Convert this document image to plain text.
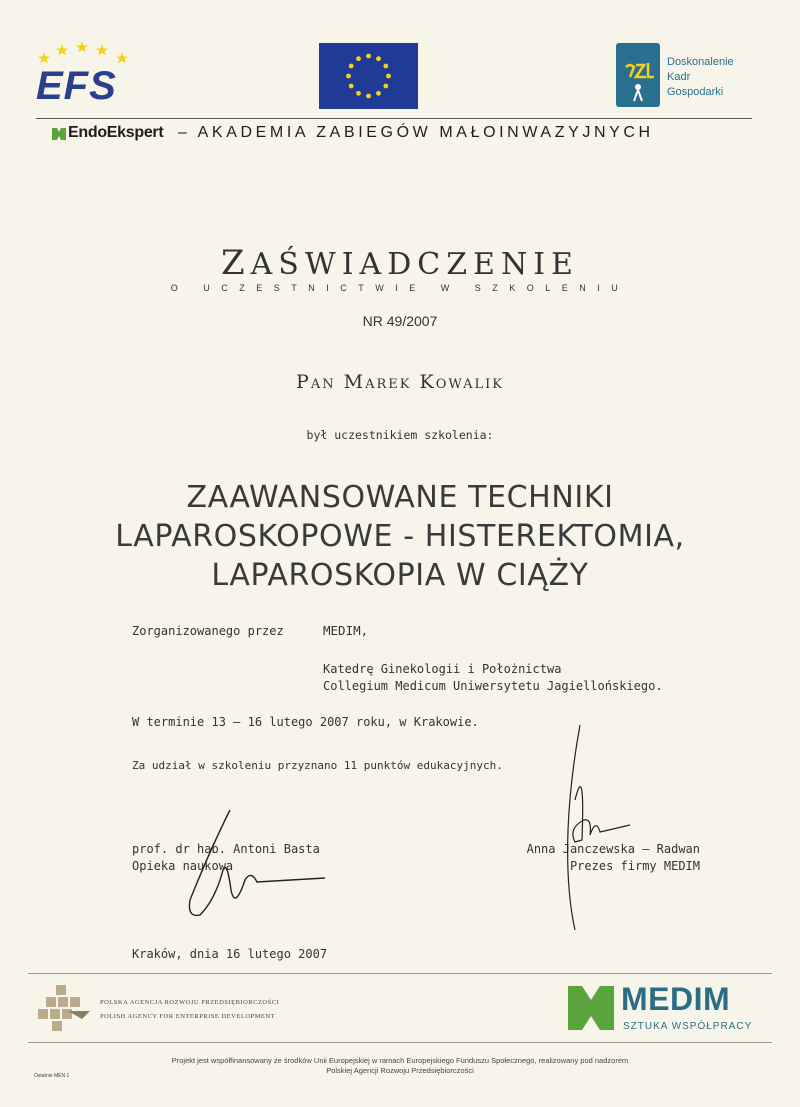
EFS
Doskonalenie
Kadr
Gospodarki
EndoEkspert – AKADEMIA ZABIEGÓW MAŁOINWAZYJNYCH
ZAŚWIADCZENIE
O UCZESTNICTWIE W SZKOLENIU
NR 49/2007
Pan Marek Kowalik
był uczestnikiem szkolenia:
ZAAWANSOWANE TECHNIKI
LAPAROSKOPOWE - HISTEREKTOMIA,
LAPAROSKOPIA W CIĄŻY
Zorganizowanego przez	MEDIM,
Katedrę Ginekologii i Położnictwa
Collegium Medicum Uniwersytetu Jagiellońskiego.
W terminie 13 – 16 lutego 2007 roku, w Krakowie.
Za udział w szkoleniu przyznano 11 punktów edukacyjnych.
prof. dr hab. Antoni Basta
Opieka naukowa
Anna Janczewska – Radwan
Prezes firmy MEDIM
Kraków, dnia 16 lutego 2007
POLSKA AGENCJA ROZWOJU PRZEDSIĘBIORCZOŚCI
POLISH AGENCY FOR ENTERPRISE DEVELOPMENT	MEDIM
SZTUKA WSPÓŁPRACY
Projekt jest współfinansowany ze środków Unii Europejskiej w ramach Europejskiego Funduszu Społecznego, realizowany pod nadzorem
Polskiej Agencji Rozwoju Przedsiębiorczości
Ostatnie MEN 1
